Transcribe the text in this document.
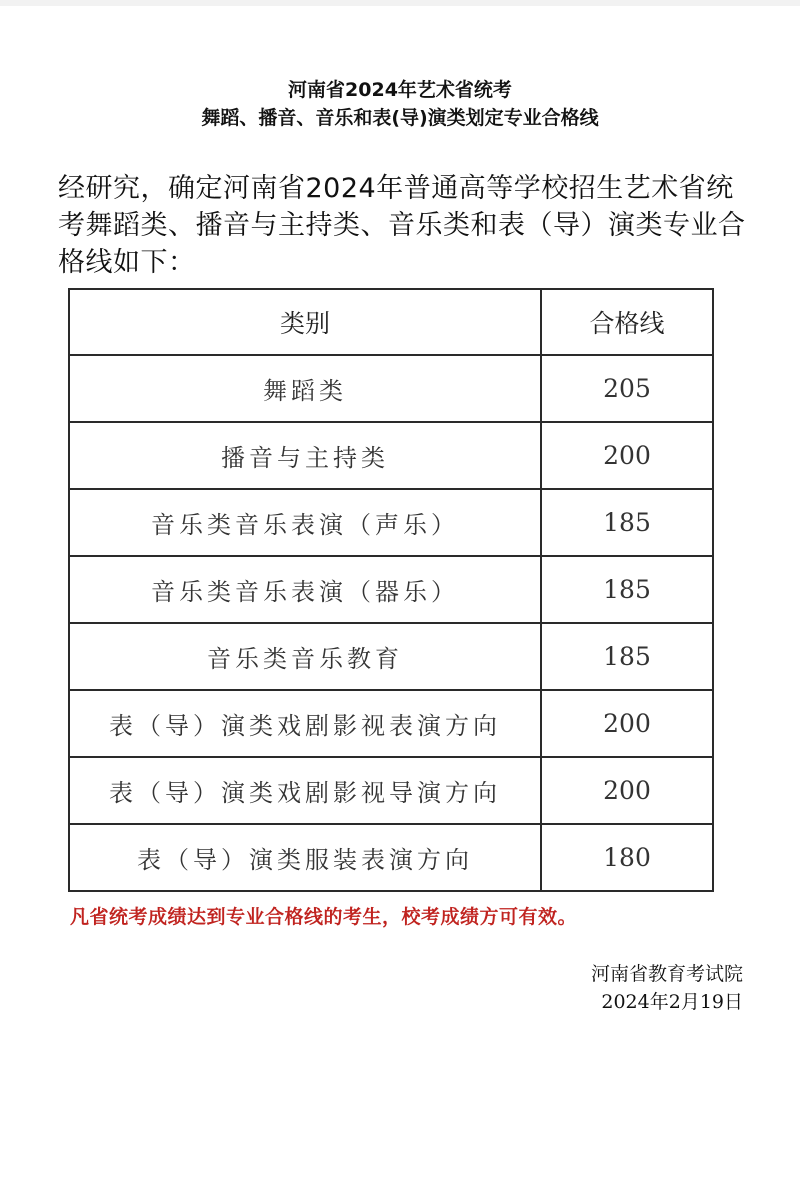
河南省2024年艺术省统考
舞蹈、播音、音乐和表(导)演类划定专业合格线
经研究，确定河南省2024年普通高等学校招生艺术省统考舞蹈类、播音与主持类、音乐类和表（导）演类专业合格线如下：
类别	合格线
舞蹈类	205
播音与主持类	200
音乐类音乐表演（声乐）	185
音乐类音乐表演（器乐）	185
音乐类音乐教育	185
表（导）演类戏剧影视表演方向	200
表（导）演类戏剧影视导演方向	200
表（导）演类服装表演方向	180
凡省统考成绩达到专业合格线的考生，校考成绩方可有效。
河南省教育考试院
2024年2月19日
